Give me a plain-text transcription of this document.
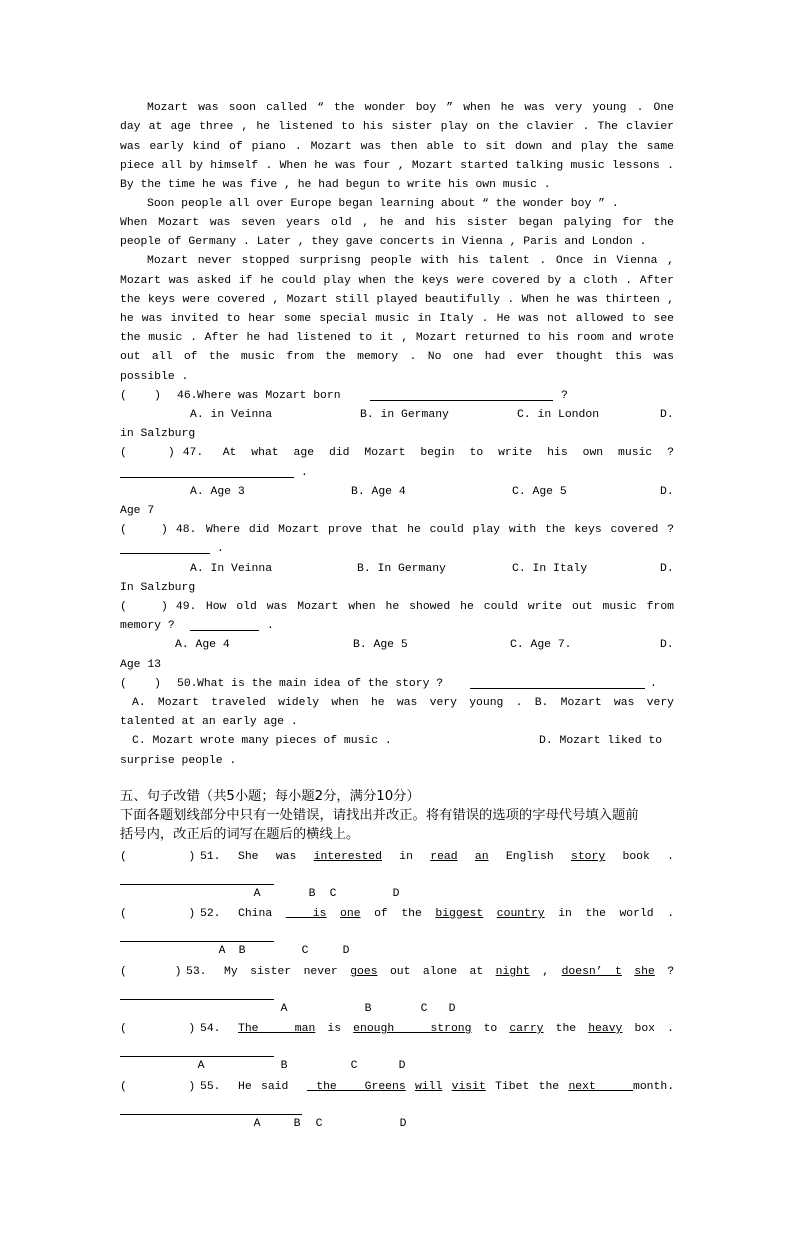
Mozart was soon called “ the wonder boy ” when he was very young . One
day at age three , he listened to his sister play on the clavier . The clavier
was early kind of piano . Mozart was then able to sit down and play the same
piece all by himself . When he was four , Mozart started talking music lessons .
By the time he was five , he had begun to write his own music .
Soon people all over Europe began learning about “ the wonder boy ” .
When Mozart was seven years old , he and his sister began palying for the
people of Germany . Later , they gave concerts in Vienna , Paris and London .
Mozart never stopped surprisng people with his talent . Once in Vienna ,
Mozart was asked if he could play when the keys were covered by a cloth . After
the keys were covered , Mozart still played beautifully . When he was thirteen ,
he was invited to hear some special music in Italy . He was not allowed to see
the music . After he had listened to it , Mozart returned to his room and wrote
out all of the music from the memory . No one had ever thought this was
possible .
(    ) 46. Where was Mozart born	?
A. in Veinna	B. in Germany	C. in London	D.
in Salzburg
(      ) 47.	At what age did Mozart begin to write his own music ?
.
A. Age 3	B. Age 4	C. Age 5	D.
Age 7
(     ) 48. Where did Mozart prove that he could play with the keys covered ?
.
A. In Veinna	B. In Germany	C. In Italy	D.
In Salzburg
(     ) 49. How old was Mozart when he showed he could write out music from
memory ?	.
A. Age 4	B. Age 5	C. Age 7.	D.
Age 13
(    ) 50. What is the main idea of the story ?	.
A. Mozart traveled widely when he was very young . B. Mozart was very
talented at an early age .
C. Mozart wrote many pieces of music .	D. Mozart liked to
surprise people .
五、句子改错（共5小题；每小题2分，满分10分）
下面各题划线部分中只有一处错误，请找出并改正。将有错误的选项的字母代号填入题前
括号内，改正后的词写在题后的横线上。
(         ) 51.	She was interested in read an English story book .
A	B C	D
(         ) 52.	China   is one of the biggest country in the world .
A B	C	D
(       ) 53.	My sister never goes out alone at night , doesn’ t she ?
A	B	C D
(         ) 54.	The   man is enough   strong to carry the heavy box .
A	B	C	D
(         ) 55.	He said   the   Greens will visit Tibet the next    month.
A	B C	D
